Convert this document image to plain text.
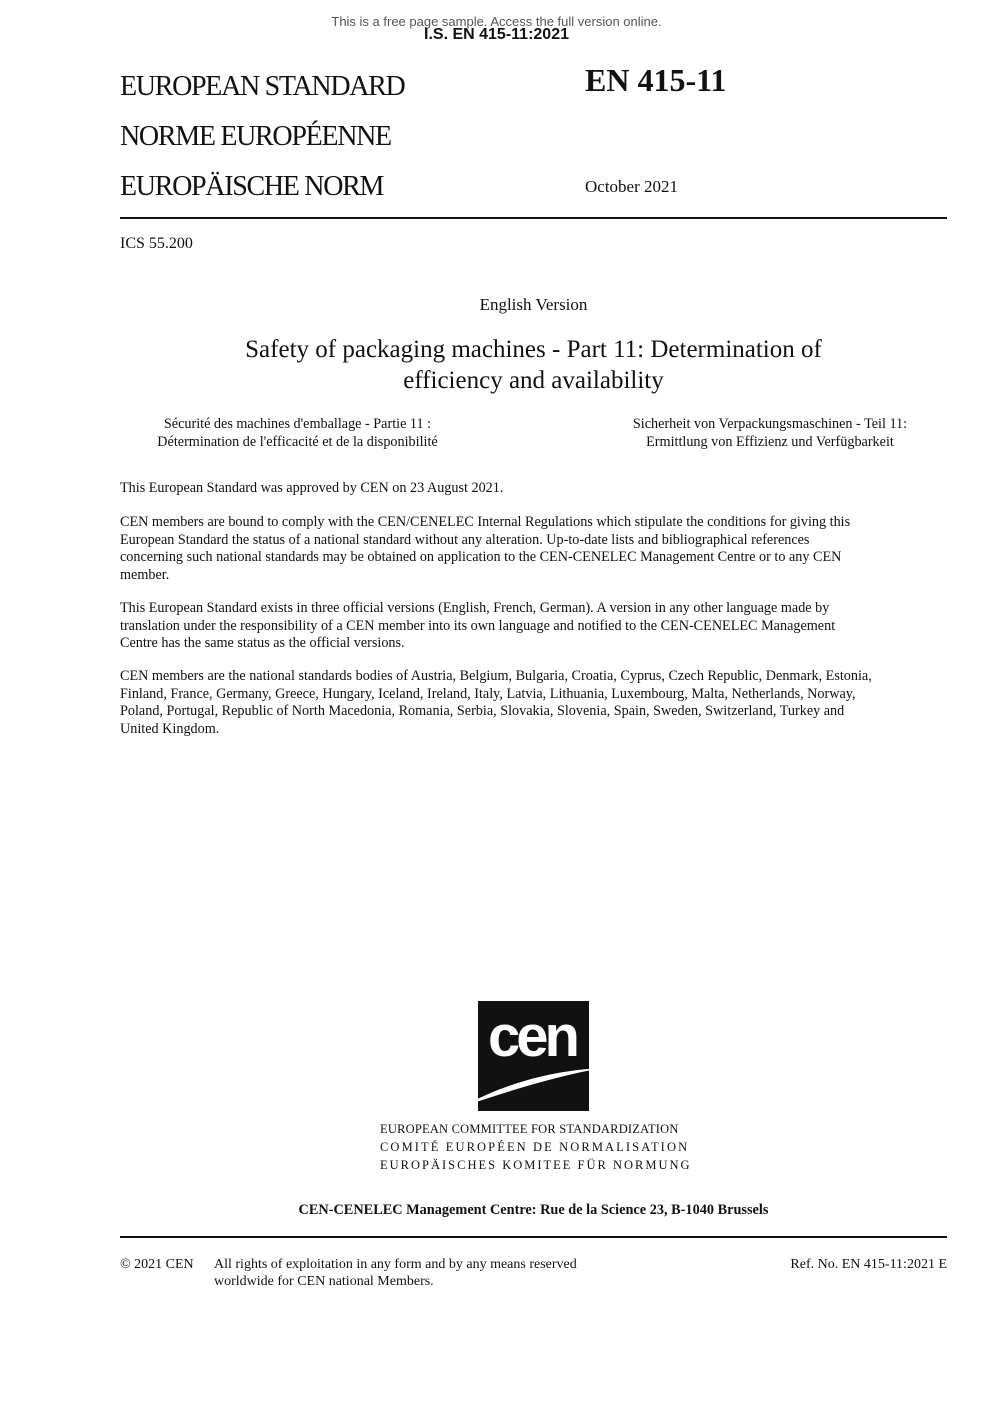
This is a free page sample. Access the full version online.
I.S. EN 415-11:2021
EUROPEAN STANDARD
NORME EUROPÉENNE
EUROPÄISCHE NORM
EN 415-11
October 2021
ICS 55.200
English Version
Safety of packaging machines - Part 11: Determination of
efficiency and availability
Sécurité des machines d'emballage - Partie 11 :
Détermination de l'efficacité et de la disponibilité
Sicherheit von Verpackungsmaschinen - Teil 11:
Ermittlung von Effizienz und Verfügbarkeit
This European Standard was approved by CEN on 23 August 2021.
CEN members are bound to comply with the CEN/CENELEC Internal Regulations which stipulate the conditions for giving this
European Standard the status of a national standard without any alteration. Up-to-date lists and bibliographical references
concerning such national standards may be obtained on application to the CEN-CENELEC Management Centre or to any CEN
member.
This European Standard exists in three official versions (English, French, German). A version in any other language made by
translation under the responsibility of a CEN member into its own language and notified to the CEN-CENELEC Management
Centre has the same status as the official versions.
CEN members are the national standards bodies of Austria, Belgium, Bulgaria, Croatia, Cyprus, Czech Republic, Denmark, Estonia,
Finland, France, Germany, Greece, Hungary, Iceland, Ireland, Italy, Latvia, Lithuania, Luxembourg, Malta, Netherlands, Norway,
Poland, Portugal, Republic of North Macedonia, Romania, Serbia, Slovakia, Slovenia, Spain, Sweden, Switzerland, Turkey and
United Kingdom.
cen
EUROPEAN COMMITTEE FOR STANDARDIZATION
COMITÉ EUROPÉEN DE NORMALISATION
EUROPÄISCHES KOMITEE FÜR NORMUNG
CEN-CENELEC Management Centre: Rue de la Science 23, B-1040 Brussels
© 2021 CEN All rights of exploitation in any form and by any means reserved
worldwide for CEN national Members.
Ref. No. EN 415-11:2021 E
